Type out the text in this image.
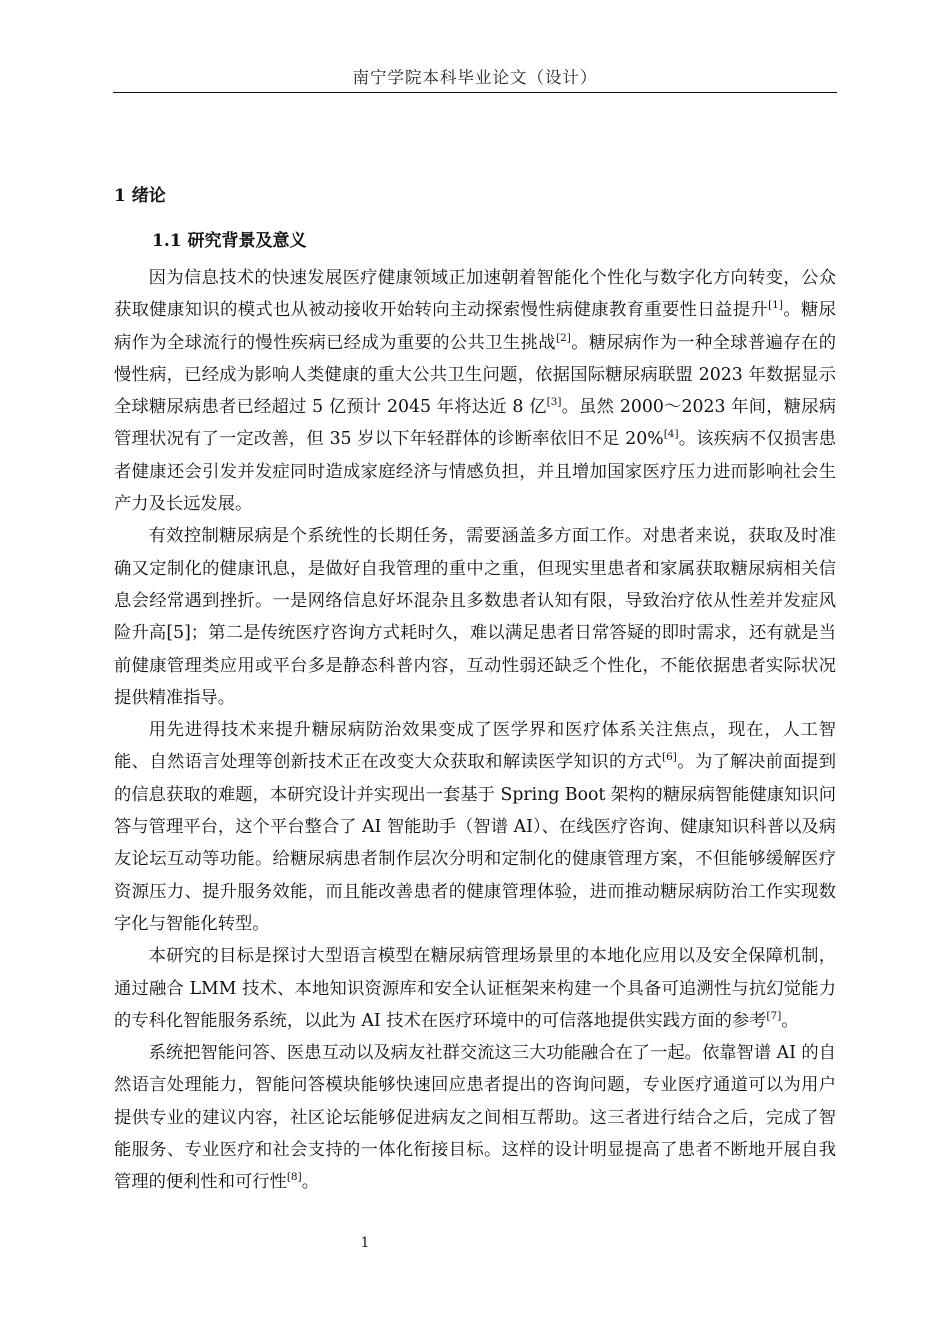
南宁学院本科毕业论文（设计）
1 绪论
1.1 研究背景及意义

因为信息技术的快速发展医疗健康领域正加速朝着智能化个性化与数字化方向转变，公众获取健康知识的模式也从被动接收开始转向主动探索慢性病健康教育重要性日益提升[1]。糖尿病作为全球流行的慢性疾病已经成为重要的公共卫生挑战[2]。糖尿病作为一种全球普遍存在的慢性病，已经成为影响人类健康的重大公共卫生问题，依据国际糖尿病联盟 2023 年数据显示全球糖尿病患者已经超过 5 亿预计 2045 年将达近 8 亿[3]。虽然 2000～2023 年间，糖尿病管理状况有了一定改善，但 35 岁以下年轻群体的诊断率依旧不足 20%[4]。该疾病不仅损害患者健康还会引发并发症同时造成家庭经济与情感负担，并且增加国家医疗压力进而影响社会生产力及长远发展。

有效控制糖尿病是个系统性的长期任务，需要涵盖多方面工作。对患者来说，获取及时准确又定制化的健康讯息，是做好自我管理的重中之重，但现实里患者和家属获取糖尿病相关信息会经常遇到挫折。一是网络信息好坏混杂且多数患者认知有限，导致治疗依从性差并发症风险升高[5]；第二是传统医疗咨询方式耗时久，难以满足患者日常答疑的即时需求，还有就是当前健康管理类应用或平台多是静态科普内容，互动性弱还缺乏个性化，不能依据患者实际状况提供精准指导。

用先进得技术来提升糖尿病防治效果变成了医学界和医疗体系关注焦点，现在，人工智能、自然语言处理等创新技术正在改变大众获取和解读医学知识的方式[6]。为了解决前面提到的信息获取的难题，本研究设计并实现出一套基于 Spring Boot 架构的糖尿病智能健康知识问答与管理平台，这个平台整合了 AI 智能助手（智谱 AI）、在线医疗咨询、健康知识科普以及病友论坛互动等功能。给糖尿病患者制作层次分明和定制化的健康管理方案，不但能够缓解医疗资源压力、提升服务效能，而且能改善患者的健康管理体验，进而推动糖尿病防治工作实现数字化与智能化转型。

本研究的目标是探讨大型语言模型在糖尿病管理场景里的本地化应用以及安全保障机制，通过融合 LMM 技术、本地知识资源库和安全认证框架来构建一个具备可追溯性与抗幻觉能力的专科化智能服务系统，以此为 AI 技术在医疗环境中的可信落地提供实践方面的参考[7]。

系统把智能问答、医患互动以及病友社群交流这三大功能融合在了一起。依靠智谱 AI 的自然语言处理能力，智能问答模块能够快速回应患者提出的咨询问题，专业医疗通道可以为用户提供专业的建议内容，社区论坛能够促进病友之间相互帮助。这三者进行结合之后，完成了智能服务、专业医疗和社会支持的一体化衔接目标。这样的设计明显提高了患者不断地开展自我管理的便利性和可行性[8]。

1
